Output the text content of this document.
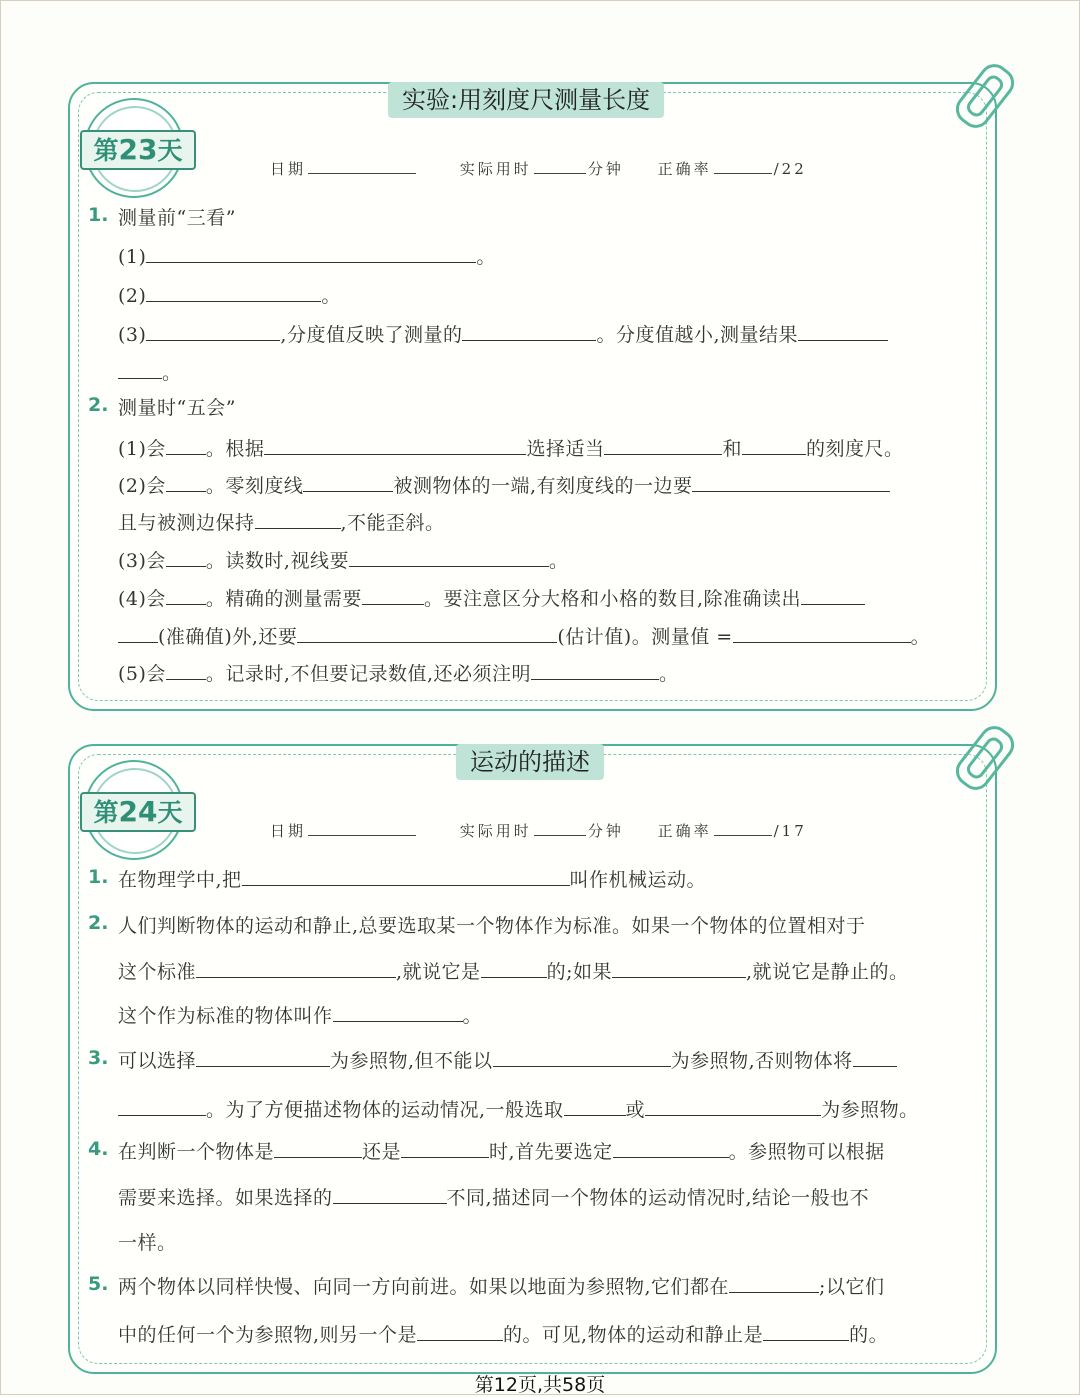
实验:用刻度尺测量长度
第23天
日期	实际用时	分钟 正确率	/22
1. 测量前“三看”
(1)	。
(2)	。
(3)	,分度值反映了测量的	。分度值越小,测量结果
。
2. 测量时“五会”
(1)会 。根据	选择适当	和	的刻度尺。
(2)会 。零刻度线	被测物体的一端,有刻度线的一边要
且与被测边保持	,不能歪斜。
(3)会 。读数时,视线要	。
(4)会 。精确的测量需要	。要注意区分大格和小格的数目,除准确读出
(准确值)外,还要	(估计值)。测量值 =	。
(5)会 。记录时,不但要记录数值,还必须注明	。
运动的描述
第24天
日期	实际用时	分钟 正确率	/17
1. 在物理学中,把	叫作机械运动。
2. 人们判断物体的运动和静止,总要选取某一个物体作为标准。如果一个物体的位置相对于
这个标准	,就说它是	的;如果	,就说它是静止的。
这个作为标准的物体叫作	。
3. 可以选择	为参照物,但不能以	为参照物,否则物体将
。为了方便描述物体的运动情况,一般选取	或	为参照物。
4. 在判断一个物体是	还是	时,首先要选定	。参照物可以根据
需要来选择。如果选择的	不同,描述同一个物体的运动情况时,结论一般也不
一样。
5. 两个物体以同样快慢、向同一方向前进。如果以地面为参照物,它们都在	;以它们
中的任何一个为参照物,则另一个是	的。可见,物体的运动和静止是	的。
第12页,共58页
